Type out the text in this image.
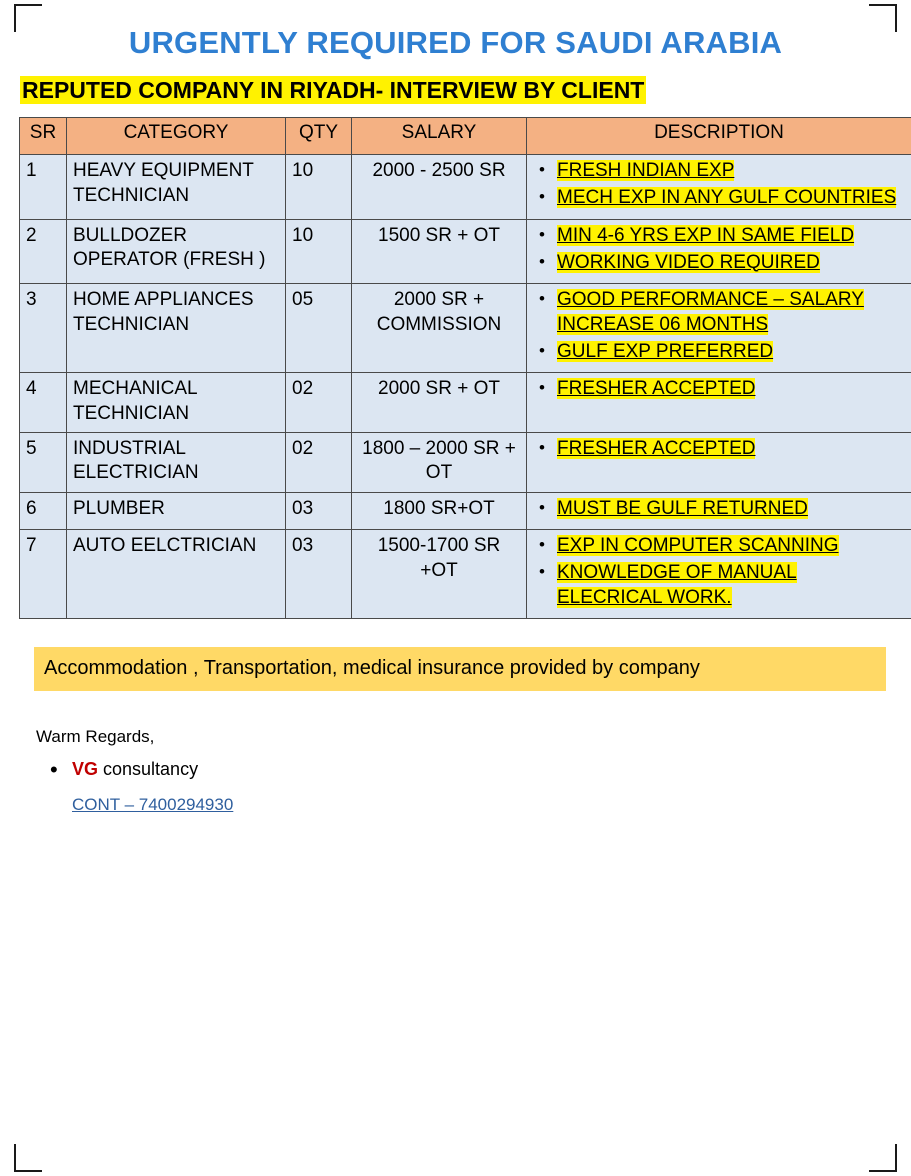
URGENTLY REQUIRED FOR SAUDI ARABIA
REPUTED COMPANY IN RIYADH- INTERVIEW BY CLIENT
SR	CATEGORY	QTY	SALARY	DESCRIPTION
1	HEAVY EQUIPMENT TECHNICIAN	10	2000 - 2500 SR	
•FRESH INDIAN EXP
• MECH EXP IN ANY GULF COUNTRIES

2	BULLDOZER OPERATOR (FRESH )	10	1500 SR + OT	
•MIN 4-6 YRS EXP IN SAME FIELD
• WORKING VIDEO REQUIRED

3	HOME APPLIANCES TECHNICIAN	05	2000 SR + COMMISSION	
• GOOD PERFORMANCE – SALARY INCREASE 06 MONTHS
• GULF EXP PREFERRED

4	MECHANICAL TECHNICIAN	02	2000 SR + OT	
•FRESHER ACCEPTED

5	INDUSTRIAL ELECTRICIAN	02	1800 – 2000 SR + OT	
• FRESHER ACCEPTED

6	PLUMBER	03	1800 SR+OT	
•MUST BE GULF RETURNED

7	AUTO EELCTRICIAN	03	1500-1700 SR +OT	
• EXP IN COMPUTER SCANNING
• KNOWLEDGE OF MANUAL ELECRICAL WORK.
Accommodation , Transportation, medical insurance provided by company
Warm Regards,
• VG consultancy
CONT – 7400294930
